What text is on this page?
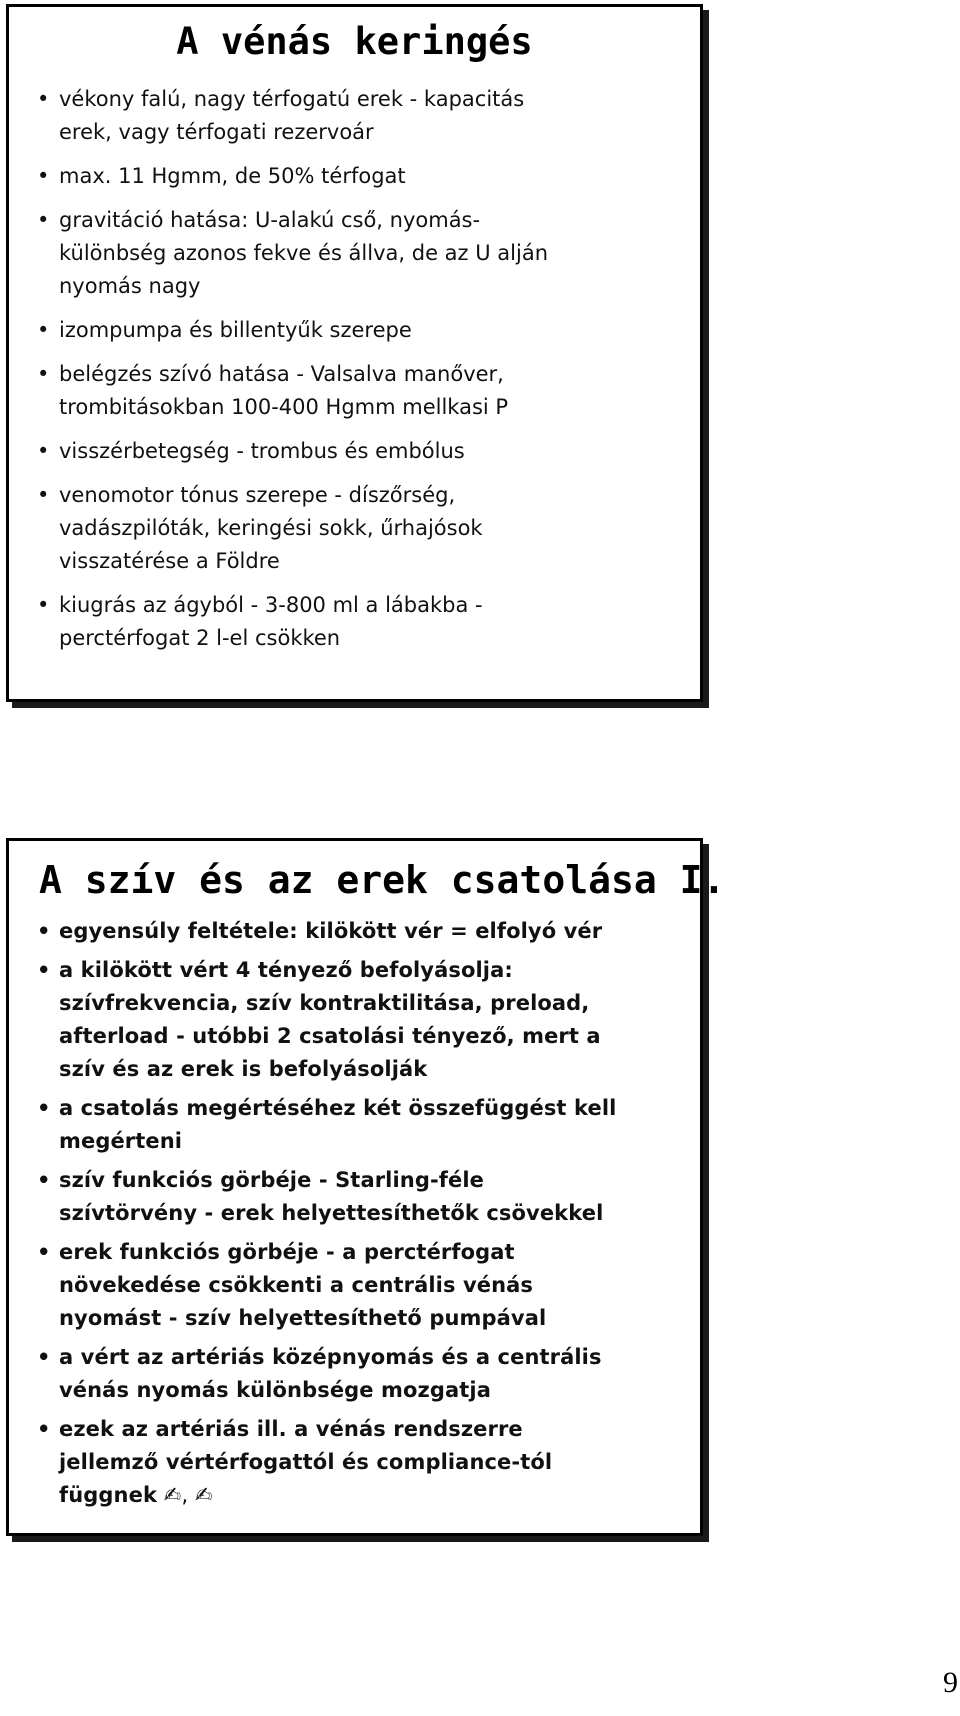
A vénás keringés
• vékony falú, nagy térfogatú erek - kapacitás
erek, vagy térfogati rezervoár
• max. 11 Hgmm, de 50% térfogat
• gravitáció hatása: U-alakú cső, nyomás-
különbség azonos fekve és állva, de az U alján
nyomás nagy
• izompumpa és billentyűk szerepe
• belégzés szívó hatása - Valsalva manőver,
trombitásokban 100-400 Hgmm mellkasi P
• visszérbetegség - trombus és embólus
• venomotor tónus szerepe - díszőrség,
vadászpilóták, keringési sokk, űrhajósok
visszatérése a Földre
• kiugrás az ágyból - 3-800 ml a lábakba -
perctérfogat 2 l-el csökken
A szív és az erek csatolása I.
• egyensúly feltétele: kilökött vér = elfolyó vér
• a kilökött vért 4 tényező befolyásolja:
szívfrekvencia, szív kontraktilitása, preload,
afterload - utóbbi 2 csatolási tényező, mert a
szív és az erek is befolyásolják
• a csatolás megértéséhez két összefüggést kell
megérteni
• szív funkciós görbéje - Starling-féle
szívtörvény - erek helyettesíthetők csövekkel
• erek funkciós görbéje - a perctérfogat
növekedése csökkenti a centrális vénás
nyomást - szív helyettesíthető pumpával
• a vért az artériás középnyomás és a centrális
vénás nyomás különbsége mozgatja
• ezek az artériás ill. a vénás rendszerre
jellemző vértérfogattól és compliance-tól
függnek ✍, ✍
9
